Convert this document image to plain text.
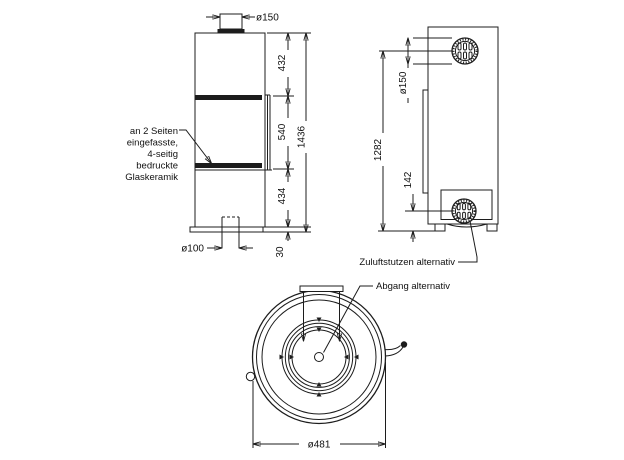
ø150
432
540
434
30
1436
ø100
an 2 Seiten
eingefasste,
4-seitig
bedruckte
Glaskeramik
ø150
1282
142
Zuluftstutzen alternativ
ø481
Abgang alternativ
